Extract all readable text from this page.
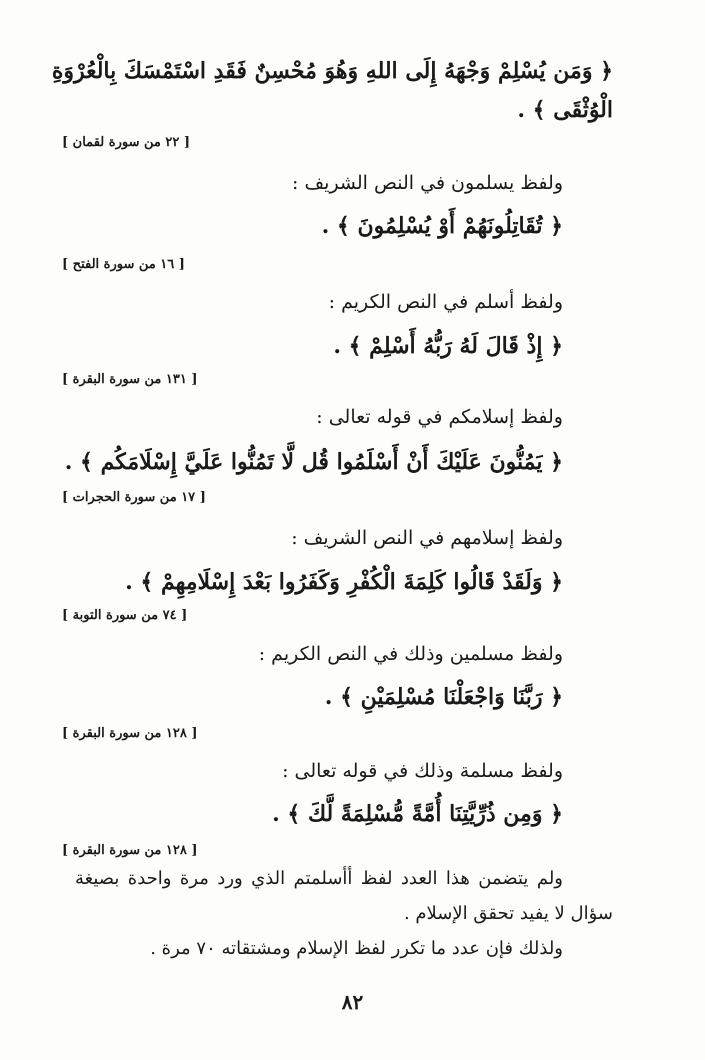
﴿ وَمَن يُسْلِمْ وَجْهَهُ إِلَى اللهِ وَهُوَ مُحْسِنٌ فَقَدِ اسْتَمْسَكَ بِالْعُرْوَةِ
الْوُثْقَى ﴾ .
[ ٢٢ من سورة لقمان ]
ولفظ يسلمون في النص الشريف :
﴿ تُقَاتِلُونَهُمْ أَوْ يُسْلِمُونَ ﴾ .
[ ١٦ من سورة الفتح ]
ولفظ أسلم في النص الكريم :
﴿ إِذْ قَالَ لَهُ رَبُّهُ أَسْلِمْ ﴾ .
[ ١٣١ من سورة البقرة ]
ولفظ إسلامكم في قوله تعالى :
﴿ يَمُنُّونَ عَلَيْكَ أَنْ أَسْلَمُوا قُل لَّا تَمُنُّوا عَلَيَّ إِسْلَامَكُم ﴾ .
[ ١٧ من سورة الحجرات ]
ولفظ إسلامهم في النص الشريف :
﴿ وَلَقَدْ قَالُوا كَلِمَةَ الْكُفْرِ وَكَفَرُوا بَعْدَ إِسْلَامِهِمْ ﴾ .
[ ٧٤ من سورة التوبة ]
ولفظ مسلمين وذلك في النص الكريم :
﴿ رَبَّنَا وَاجْعَلْنَا مُسْلِمَيْنِ ﴾ .
[ ١٢٨ من سورة البقرة ]
ولفظ مسلمة وذلك في قوله تعالى :
﴿ وَمِن ذُرِّيَّتِنَا أُمَّةً مُّسْلِمَةً لَّكَ ﴾ .
[ ١٢٨ من سورة البقرة ]
ولم يتضمن هذا العدد لفظ أأسلمتم الذي ورد مرة واحدة بصيغة
سؤال لا يفيد تحقق الإسلام .
ولذلك فإن عدد ما تكرر لفظ الإسلام ومشتقاته ٧٠ مرة .
٨٢
